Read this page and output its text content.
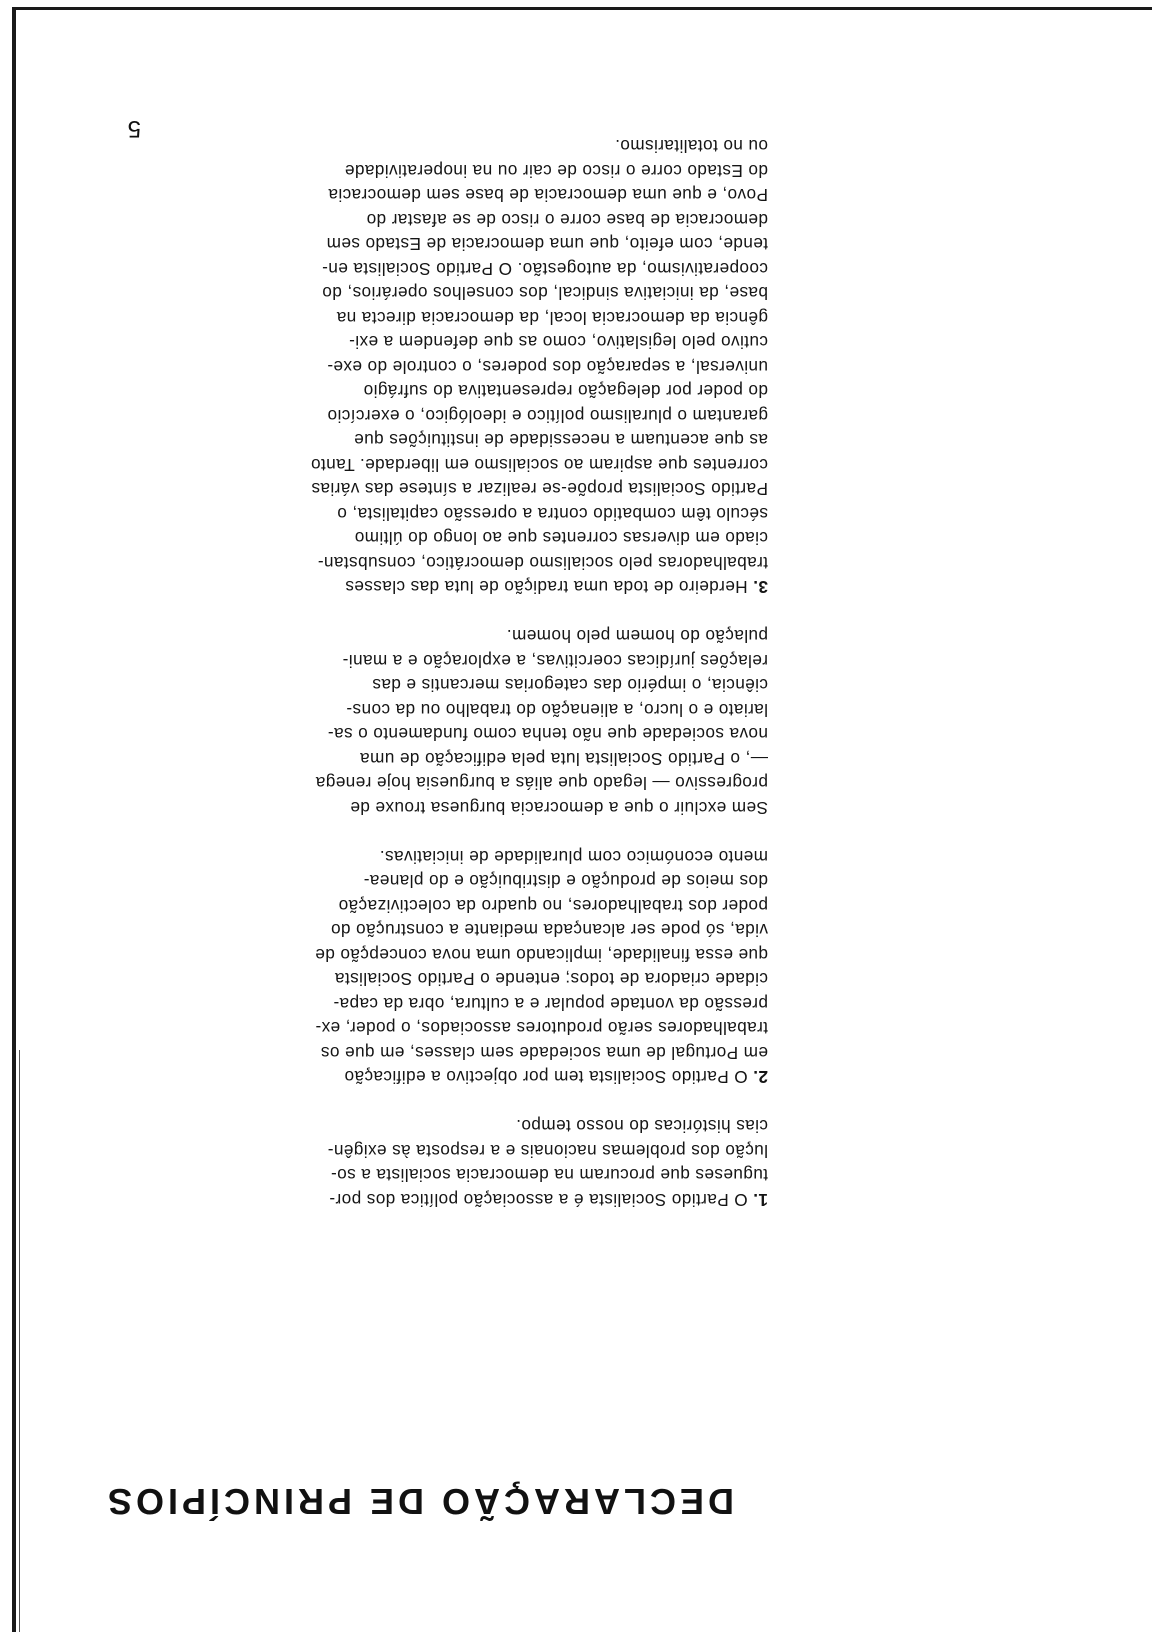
DECLARAÇÃO DE PRINCÍPIOS

1. O Partido Socialista é a associação política dos por-
tugueses que procuram na democracia socialista a so-
lução dos problemas nacionais e a resposta às exigên-
cias históricas do nosso tempo.

2. O Partido Socialista tem por objectivo a edificação
em Portugal de uma sociedade sem classes, em que os
trabalhadores serão produtores associados, o poder, ex-
pressão da vontade popular e a cultura, obra da capa-
cidade criadora de todos; entende o Partido Socialista
que essa finalidade, implicando uma nova concepção de
vida, só pode ser alcançada mediante a construção do
poder dos trabalhadores, no quadro da colectivização
dos meios de produção e distribuição e do planea-
mento económico com pluralidade de iniciativas.

Sem excluir o que a democracia burguesa trouxe de
progressivo — legado que aliás a burguesia hoje renega
—, o Partido Socialista luta pela edificação de uma
nova sociedade que não tenha como fundamento o sa-
lariato e o lucro, a alienação do trabalho ou da cons-
ciência, o império das categorias mercantis e das
relações jurídicas coercitivas, a exploração e a mani-
pulação do homem pelo homem.

3. Herdeiro de toda uma tradição de luta das classes
trabalhadoras pelo socialismo democrático, consubstan-
ciado em diversas correntes que ao longo do último
século têm combatido contra a opressão capitalista, o
Partido Socialista propõe-se realizar a síntese das várias
correntes que aspiram ao socialismo em liberdade. Tanto
as que acentuam a necessidade de instituições que
garantam o pluralismo político e ideológico, o exercício
do poder por delegação representativa do sufrágio
universal, a separação dos poderes, o controle do exe-
cutivo pelo legislativo, como as que defendem a exi-
gência da democracia local, da democracia directa na
base, da iniciativa sindical, dos conselhos operários, do
cooperativismo, da autogestão. O Partido Socialista en-
tende, com efeito, que uma democracia de Estado sem
democracia de base corre o risco de se afastar do
Povo, e que uma democracia de base sem democracia
do Estado corre o risco de cair ou na inoperatividade
ou no totalitarismo.

5
